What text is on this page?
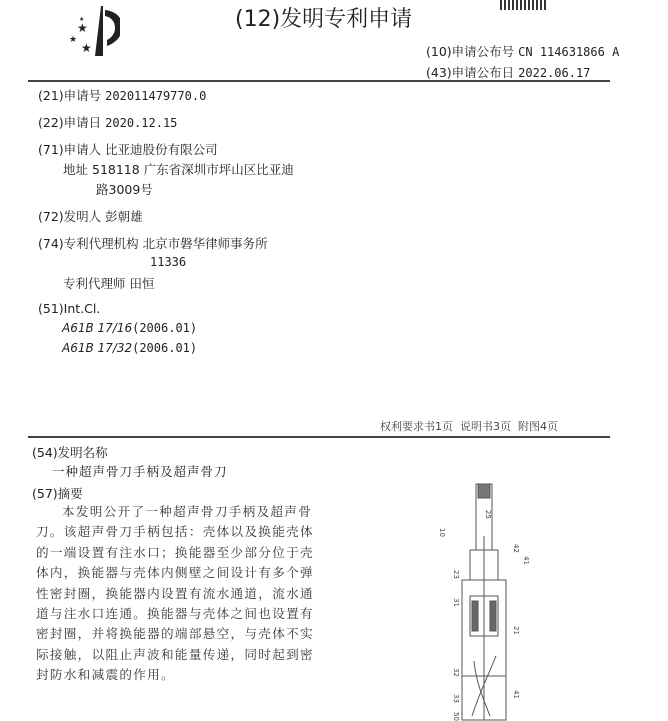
★
★
★
★	(12)发明专利申请
(10)申请公布号 CN 114631866 A
(43)申请公布日 2022.06.17
(21)申请号 202011479770.0
(22)申请日 2020.12.15
(71)申请人 比亚迪股份有限公司
地址 518118 广东省深圳市坪山区比亚迪
路3009号
(72)发明人 彭朝雄
(74)专利代理机构 北京市磐华律师事务所
11336
专利代理师 田恒
(51)Int.Cl.
A61B 17/16(2006.01)
A61B 17/32(2006.01)
权利要求书1页  说明书3页  附图4页
(54)发明名称
一种超声骨刀手柄及超声骨刀
(57)摘要
本发明公开了一种超声骨刀手柄及超声骨刀。该超声骨刀手柄包括：壳体以及换能壳体的一端设置有注水口；换能器至少部分位于壳体内，换能器与壳体内侧壁之间设计有多个弹性密封圈，换能器内设置有流水通道，流水通道与注水口连通。换能器与壳体之间也设置有密封圈，并将换能器的端部悬空，与壳体不实际接触，以阻止声波和能量传递，同时起到密封防水和减震的作用。
25
10
42
41
23
31
21
32
33
50
41
